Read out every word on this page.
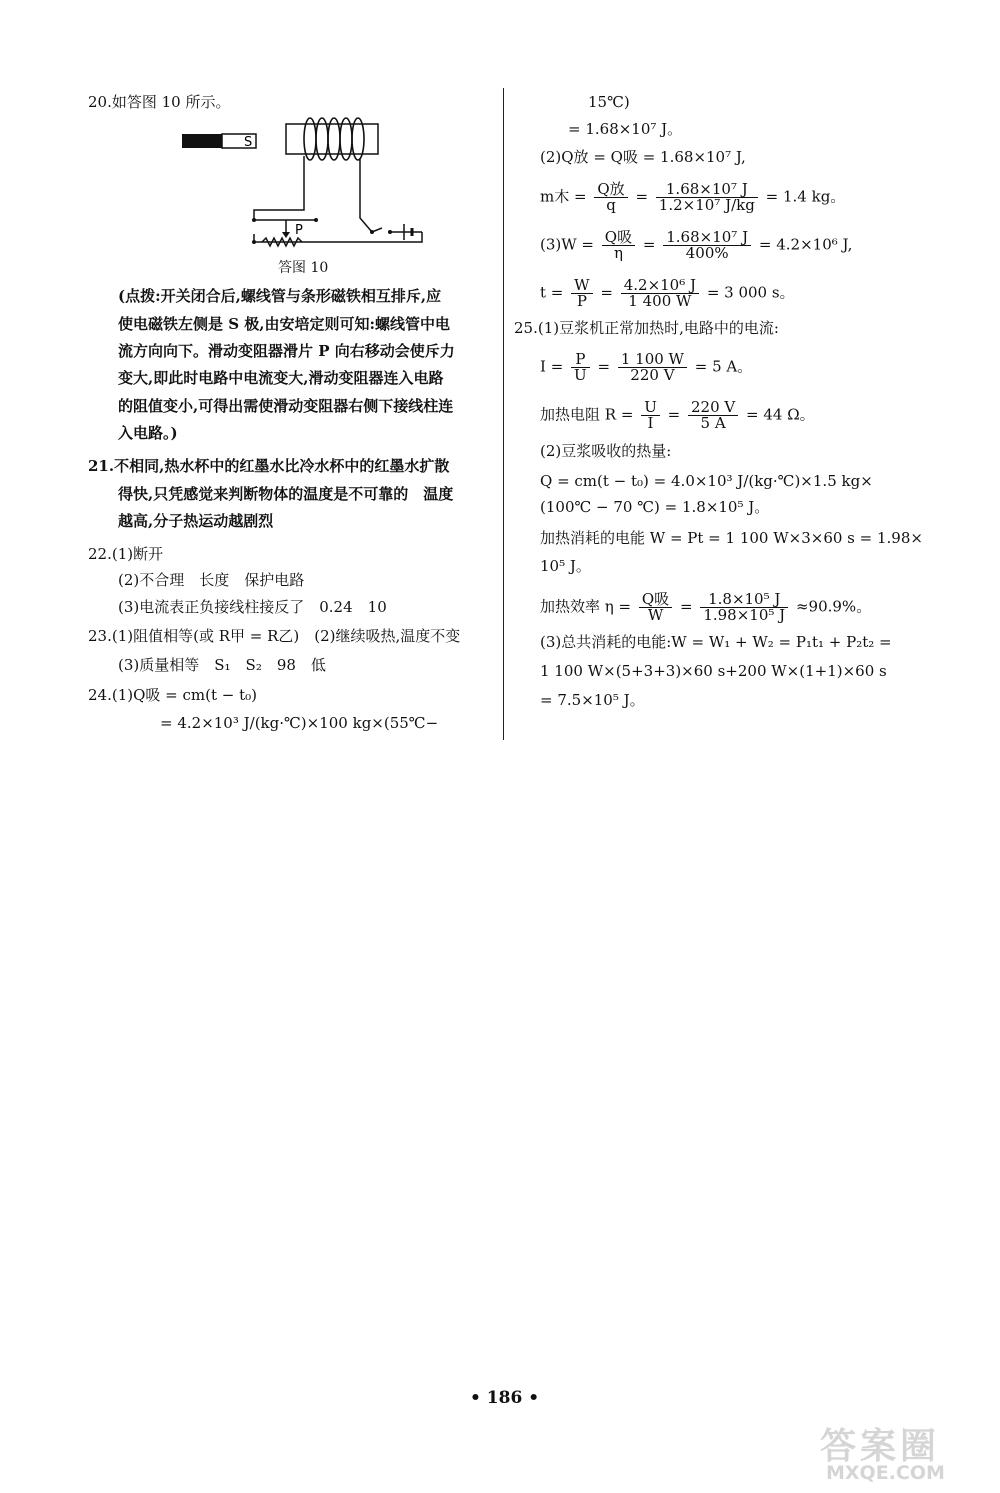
20.如答图 10 所示。
S
P
答图 10
(点拨:开关闭合后,螺线管与条形磁铁相互排斥,应
使电磁铁左侧是 S 极,由安培定则可知:螺线管中电
流方向向下。滑动变阻器滑片 P 向右移动会使斥力
变大,即此时电路中电流变大,滑动变阻器连入电路
的阻值变小,可得出需使滑动变阻器右侧下接线柱连
入电路。)
21.不相同,热水杯中的红墨水比冷水杯中的红墨水扩散
得快,只凭感觉来判断物体的温度是不可靠的　温度
越高,分子热运动越剧烈
22.(1)断开
(2)不合理　长度　保护电路
(3)电流表正负接线柱接反了　0.24　10
23.(1)阻值相等(或 R甲 = R乙)　(2)继续吸热,温度不变
(3)质量相等　S₁　S₂　98　低
24.(1)Q吸 = cm(t − t₀)
= 4.2×10³ J/(kg·℃)×100 kg×(55℃−
15℃)
= 1.68×10⁷ J。
(2)Q放 = Q吸 = 1.68×10⁷ J,
m木 = $\frac{\text{Q放}}{q} = \frac{\text{1.68×10⁷ J}}{\text{1.2×10⁷ J/kg}} = 1.4$ kg。
$(3)W = \frac{\text{Q吸}}{\eta} = \frac{\text{1.68×10⁷ J}}{400\%} = 4.2\times 10^6$ J,
$t = \frac{W}{P} = \frac{\text{4.2×10⁶ J}}{1 400 W} = 3$ 000 s。
25.(1)豆浆机正常加热时,电路中的电流:
$I = \frac{P}{U} = \frac{1 100 W}{220 V} = 5$ A。
加热电阻 $R = \frac{U}{I} = \frac{220 V}{5 A} = 44$ Ω。
(2)豆浆吸收的热量:
Q = cm(t − t₀) = 4.0×10³ J/(kg·℃)×1.5 kg×
(100℃ − 70 ℃) = 1.8×10⁵ J。
加热消耗的电能 W = Pt = 1 100 W×3×60 s = 1.98×
10⁵ J。
加热效率 $\eta = \frac{\text{Q吸}}{W} = \frac{\text{1.8×10⁵ J}}{\text{1.98×10⁵ J}} \approx 90.9\%$。
(3)总共消耗的电能:W = W₁ + W₂ = P₁t₁ + P₂t₂ =
1 100 W×(5+3+3)×60 s+200 W×(1+1)×60 s
= 7.5×10⁵ J。
• 186 •
答案圈
MXQE.COM
